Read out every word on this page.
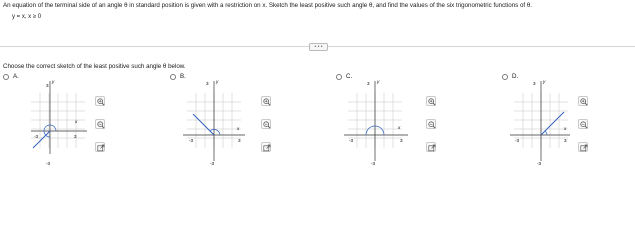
An equation of the terminal side of an angle θ in standard position is given with a restriction on x. Sketch the least positive such angle θ, and find the values of the six trigonometric functions of θ.
y = x, x ≥ 0
• • •
Choose the correct sketch of the least positive such angle θ below.
A.
3
y
x
-3	3
-3
B.
3 y
x
-3	3
-3
C.
3 y
x
-3	3
-3
D.
3 y
x
-3	3
-3
